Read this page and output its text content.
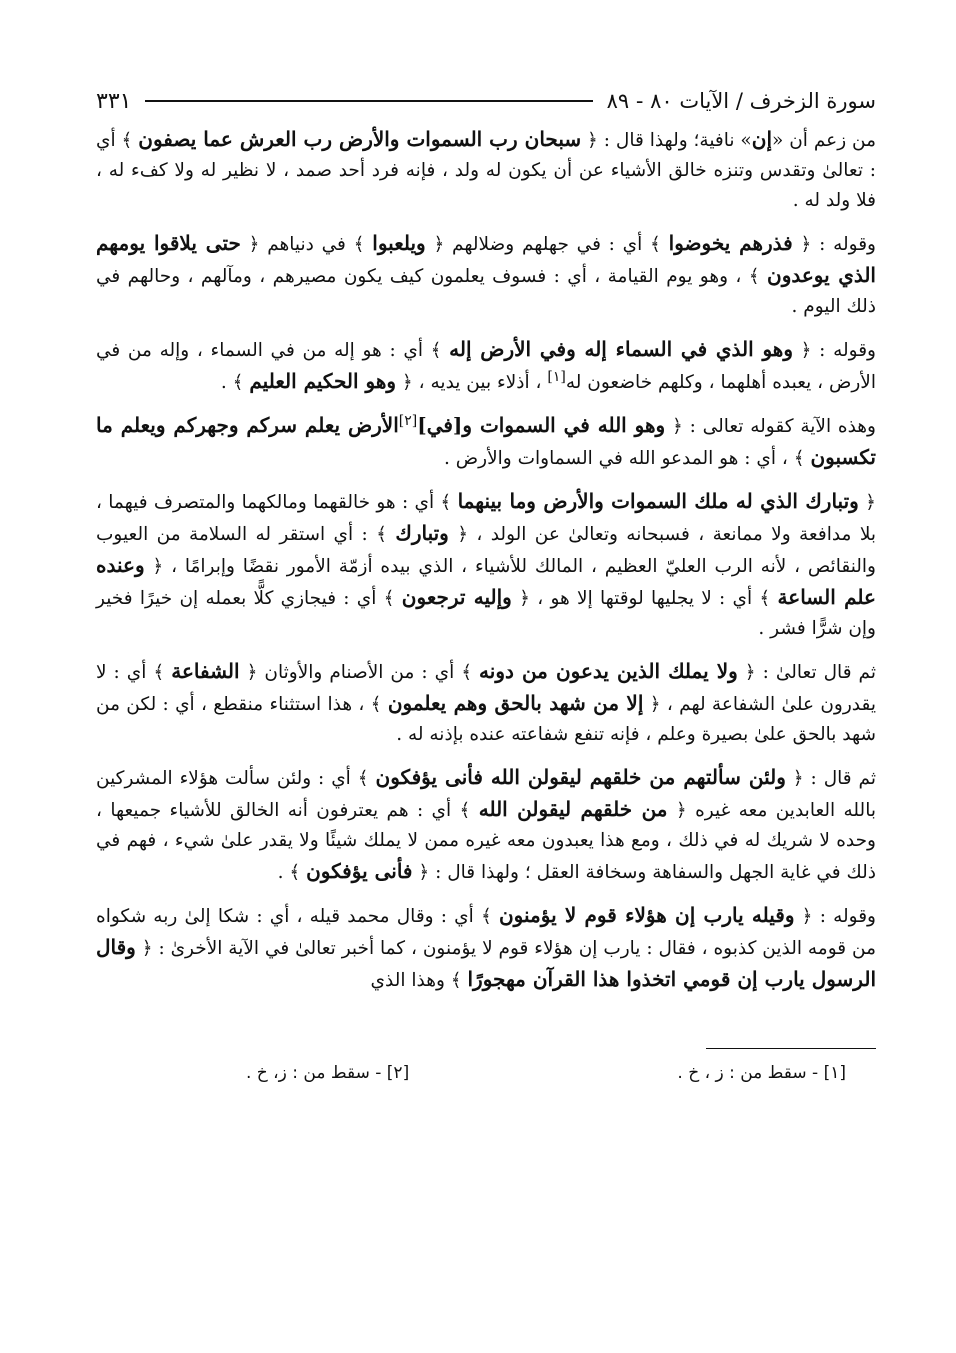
سورة الزخرف / الآيات ٨٠ - ٨٩
٣٣١

من زعم أن «إن» نافية؛ ولهذا قال : ﴿ سبحان رب السموات والأرض رب العرش عما يصفون ﴾ أي : تعالىٰ وتقدس وتنزه خالق الأشياء عن أن يكون له ولد ، فإنه فرد أحد صمد ، لا نظير له ولا كفء له ، فلا ولد له .

وقوله : ﴿ فذرهم يخوضوا ﴾ أي : في جهلهم وضلالهم ﴿ ويلعبوا ﴾ في دنياهم ﴿ حتى يلاقوا يومهم الذي يوعدون ﴾ ، وهو يوم القيامة ، أي : فسوف يعلمون كيف يكون مصيرهم ، ومآلهم ، وحالهم في ذلك اليوم .

وقوله : ﴿ وهو الذي في السماء إله وفي الأرض إله ﴾ أي : هو إله من في السماء ، وإله من في الأرض ، يعبده أهلهما ، وكلهم خاضعون له[١] ، أذلاء بين يديه ، ﴿ وهو الحكيم العليم ﴾ .

وهذه الآية كقوله تعالى : ﴿ وهو الله في السموات و[في][٢]الأرض يعلم سركم وجهركم ويعلم ما تكسبون ﴾ ، أي : هو المدعو الله في السماوات والأرض .

﴿ وتبارك الذي له ملك السموات والأرض وما بينهما ﴾ أي : هو خالقهما ومالكهما والمتصرف فيهما ، بلا مدافعة ولا ممانعة ، فسبحانه وتعالىٰ عن الولد ، ﴿ وتبارك ﴾ : أي استقر له السلامة من العيوب والنقائص ، لأنه الرب العليّ العظيم ، المالك للأشياء ، الذي بيده أزمّة الأمور نقضًا وإبرامًا ، ﴿ وعنده علم الساعة ﴾ أي : لا يجليها لوقتها إلا هو ، ﴿ وإليه ترجعون ﴾ أي : فيجازي كلًّا بعمله إن خيرًا فخير وإن شرًّا فشر .

ثم قال تعالىٰ : ﴿ ولا يملك الذين يدعون من دونه ﴾ أي : من الأصنام والأوثان ﴿ الشفاعة ﴾ أي : لا يقدرون علىٰ الشفاعة لهم ، ﴿ إلا من شهد بالحق وهم يعلمون ﴾ ، هذا استثناء منقطع ، أي : لكن من شهد بالحق علىٰ بصيرة وعلم ، فإنه تنفع شفاعته عنده بإذنه له .

ثم قال : ﴿ ولئن سألتهم من خلقهم ليقولن الله فأنى يؤفكون ﴾ أي : ولئن سألت هؤلاء المشركين بالله العابدين معه غيره ﴿ من خلقهم ليقولن الله ﴾ أي : هم يعترفون أنه الخالق للأشياء جميعها ، وحده لا شريك له في ذلك ، ومع هذا يعبدون معه غيره ممن لا يملك شيئًا ولا يقدر علىٰ شيء ، فهم في ذلك في غاية الجهل والسفاهة وسخافة العقل ؛ ولهذا قال : ﴿ فأنى يؤفكون ﴾ .

وقوله : ﴿ وقيله يارب إن هؤلاء قوم لا يؤمنون ﴾ أي : وقال محمد قيله ، أي : شكا إلىٰ ربه شكواه من قومه الذين كذبوه ، فقال : يارب إن هؤلاء قوم لا يؤمنون ، كما أخبر تعالىٰ في الآية الأخرىٰ : ﴿ وقال الرسول يارب إن قومي اتخذوا هذا القرآن مهجورًا ﴾ وهذا الذي

[١] - سقط من : ز ، خ .
[٢] - سقط من : ز، خ .
